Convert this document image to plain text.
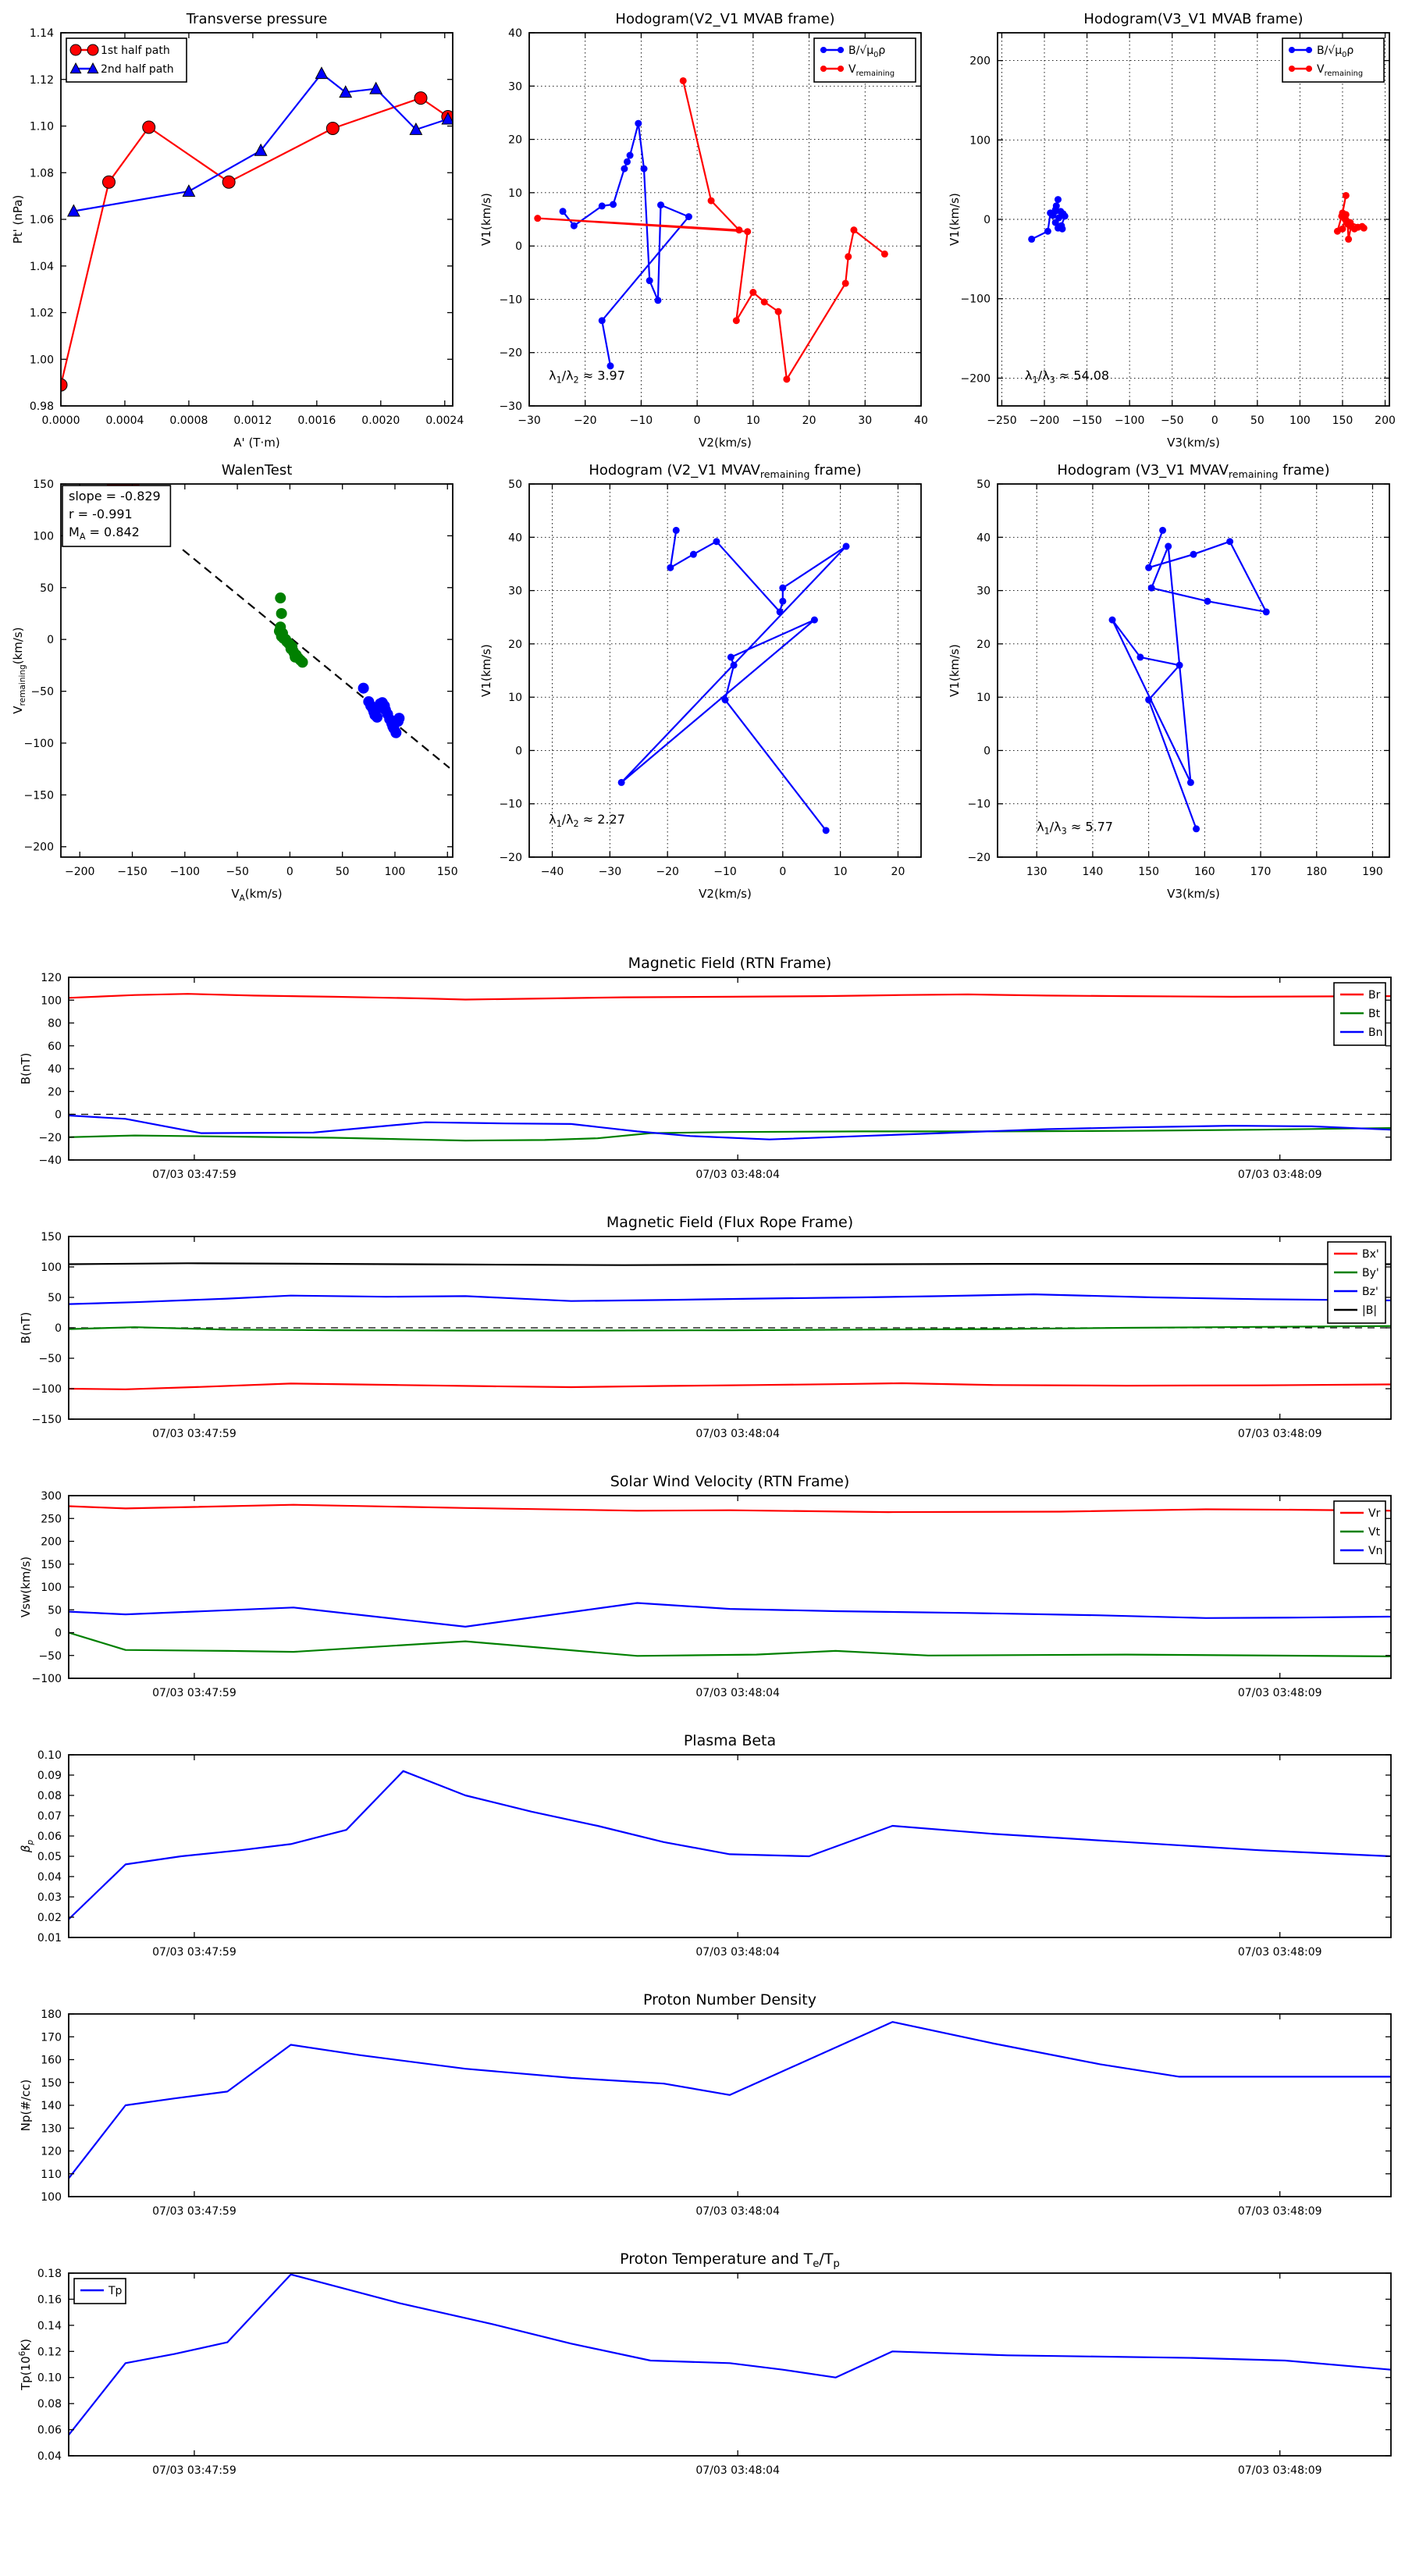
Transverse pressure
0.0000 0.0004 0.0008 0.0012 0.0016 0.0020 0.0024
0.98
1.00
1.02
1.04
1.06
1.08
1.10
1.12
1.14
A' (T·m)
Pt' (nPa)
1st half path
2nd half path
Hodogram(V2_V1 MVAB frame)
−30	−20	−10	0	10	20	30	40
−30
−20
−10
0
10
20
30
40
V2(km/s)
V1(km/s)
$\lambda_1/\lambda_2 \approx 3.97$
$B/√\mu_0\rho$
$V_{remaining}$
Hodogram(V3_V1 MVAB frame)
−250 −200 −150 −100 −50	0	50 100 150 200
−200
−100
0
100
200
V3(km/s)
V1(km/s)
$\lambda_1/\lambda_3 \approx 54.08$
$B/√\mu_0\rho$
$V_{remaining}$
WalenTest
−200 −150 −100 −50	0	50	100	150
−200
−150
−100
−50
0
50
100
150
$V_A(km/s)$
$V_{remaining}(km/s)$
slope = -0.829
r = -0.991
$M_A = 0.842$
Hodogram (V2_V1 $MVAV_{remaining}$ frame)
−40	−30	−20	−10	0	10	20
−20
−10
0
10
20
30
40
50
V2(km/s)
V1(km/s)
$\lambda_1/\lambda_2 \approx 2.27$
Hodogram (V3_V1 $MVAV_{remaining}$ frame)
130	140	150	160	170	180	190
−20
−10
0
10
20
30
40
50
V3(km/s)
V1(km/s)
$\lambda_1/\lambda_3 \approx 5.77$
Magnetic Field (RTN Frame)
07/03 03:47:59	07/03 03:48:04	07/03 03:48:09
−40
−20
0
20
40
60
80
100
120
B(nT)
Br
Bt
Bn
Magnetic Field (Flux Rope Frame)
07/03 03:47:59	07/03 03:48:04	07/03 03:48:09
−150
−100
−50
0
50
100
150
B(nT)
Bx'
By'
Bz'
|B|
Solar Wind Velocity (RTN Frame)
07/03 03:47:59	07/03 03:48:04	07/03 03:48:09
−100
−50
0
50
100
150
200
250
300
Vsw(km/s)
Vr
Vt
Vn
Plasma Beta
07/03 03:47:59	07/03 03:48:04	07/03 03:48:09
0.01
0.02
0.03
0.04
0.05
0.06
0.07
0.08
0.09
0.10
$\beta_p$
Proton Number Density
07/03 03:47:59	07/03 03:48:04	07/03 03:48:09
100
110
120
130
140
150
160
170
180
Np(#/cc)
Proton Temperature and $T_e/T_p$
07/03 03:47:59	07/03 03:48:04	07/03 03:48:09
0.04
0.06
0.08
0.10
0.12
0.14
0.16
0.18
$Tp(10^6K)$
Tp
